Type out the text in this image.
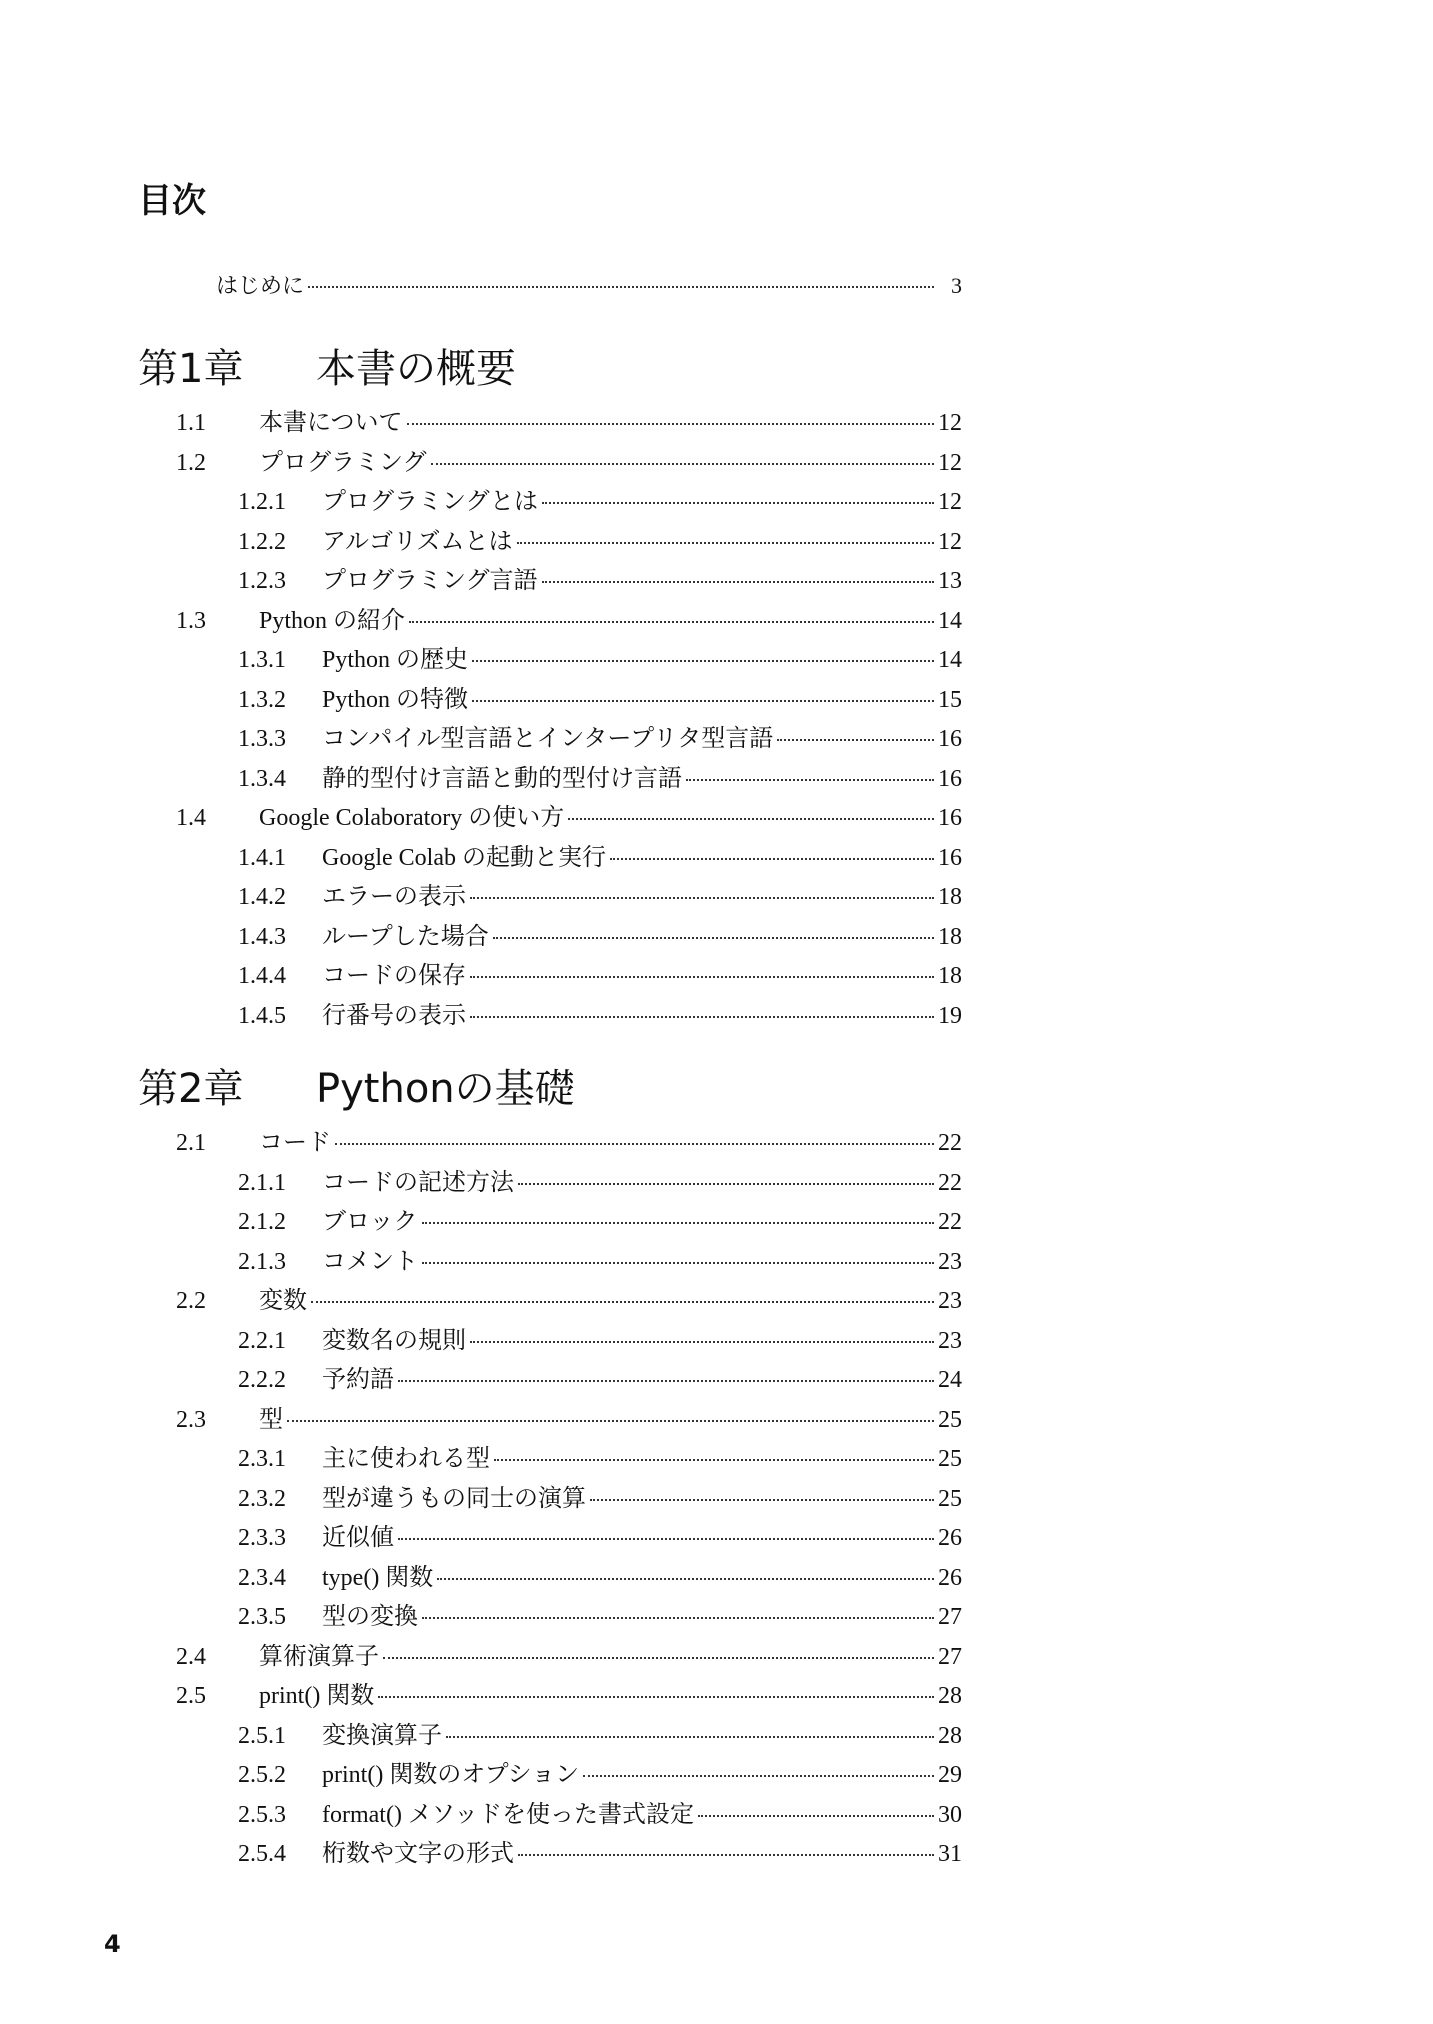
目次
はじめに	3
第1章 本書の概要
1.1	本書について	12
1.2	プログラミング	12
1.2.1	プログラミングとは	12
1.2.2	アルゴリズムとは	12
1.2.3	プログラミング言語	13
1.3	Python の紹介	14
1.3.1	Python の歴史	14
1.3.2	Python の特徴	15
1.3.3	コンパイル型言語とインタープリタ型言語	16
1.3.4	静的型付け言語と動的型付け言語	16
1.4	Google Colaboratory の使い方	16
1.4.1	Google Colab の起動と実行	16
1.4.2	エラーの表示	18
1.4.3	ループした場合	18
1.4.4	コードの保存	18
1.4.5	行番号の表示	19
第2章 Pythonの基礎
2.1	コード	22
2.1.1	コードの記述方法	22
2.1.2	ブロック	22
2.1.3	コメント	23
2.2	変数	23
2.2.1	変数名の規則	23
2.2.2	予約語	24
2.3	型	25
2.3.1	主に使われる型	25
2.3.2	型が違うもの同士の演算	25
2.3.3	近似値	26
2.3.4	type() 関数	26
2.3.5	型の変換	27
2.4	算術演算子	27
2.5	print() 関数	28
2.5.1	変換演算子	28
2.5.2	print() 関数のオプション	29
2.5.3	format() メソッドを使った書式設定	30
2.5.4	桁数や文字の形式	31
4
